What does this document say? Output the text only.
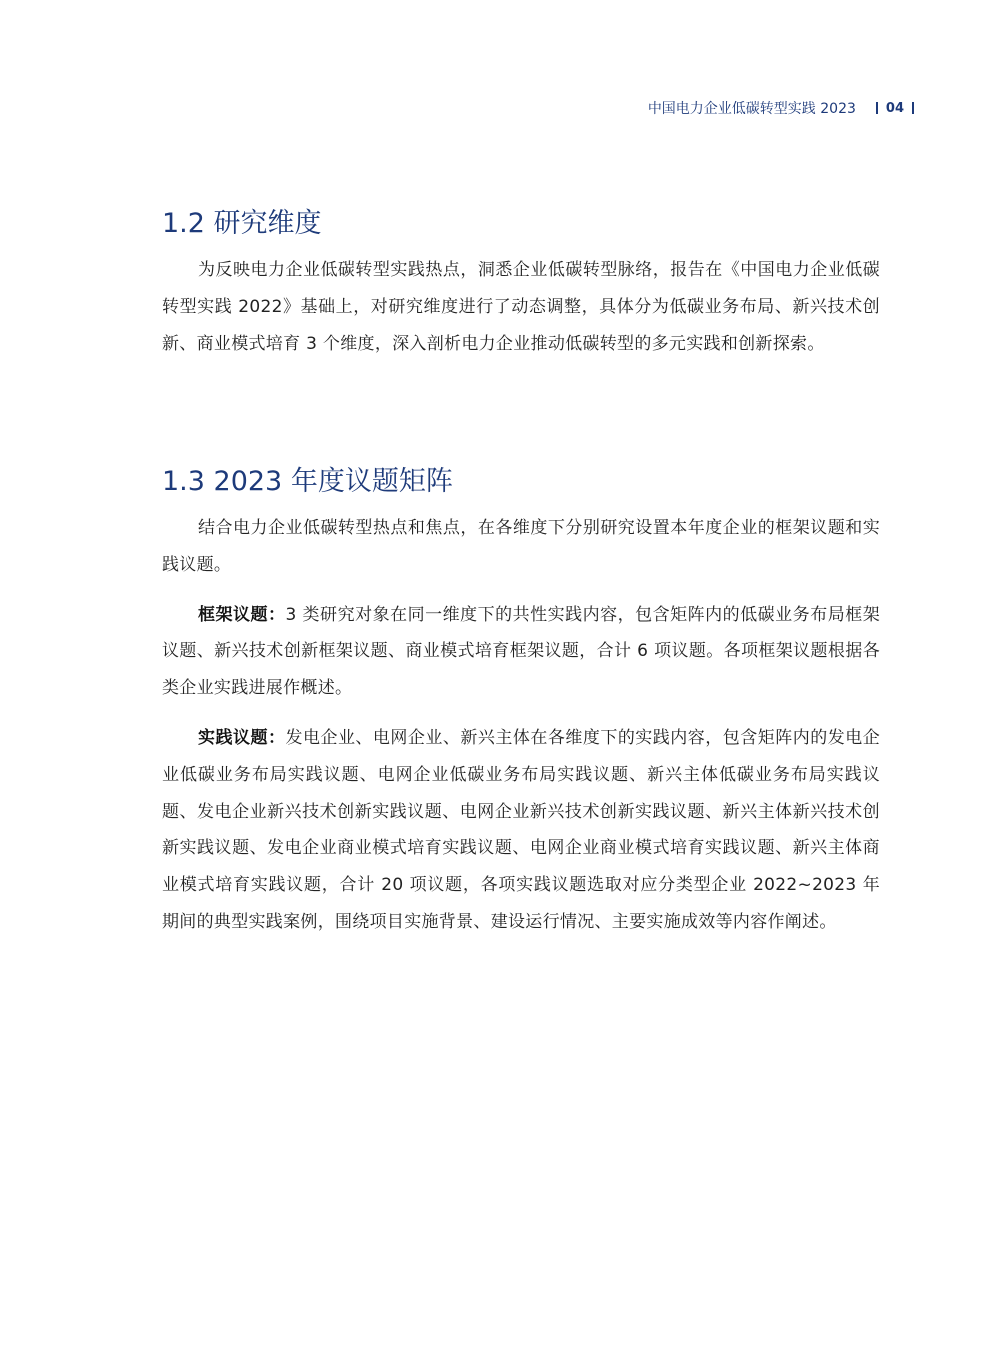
中国电力企业低碳转型实践 2023 04
1.2 研究维度

为反映电力企业低碳转型实践热点，洞悉企业低碳转型脉络，报告在《中国电力企业低碳转型实践 2022》基础上，对研究维度进行了动态调整，具体分为低碳业务布局、新兴技术创新、商业模式培育 3 个维度，深入剖析电力企业推动低碳转型的多元实践和创新探索。

1.3 2023 年度议题矩阵

结合电力企业低碳转型热点和焦点，在各维度下分别研究设置本年度企业的框架议题和实践议题。

框架议题：3 类研究对象在同一维度下的共性实践内容，包含矩阵内的低碳业务布局框架议题、新兴技术创新框架议题、商业模式培育框架议题，合计 6 项议题。各项框架议题根据各类企业实践进展作概述。

实践议题：发电企业、电网企业、新兴主体在各维度下的实践内容，包含矩阵内的发电企业低碳业务布局实践议题、电网企业低碳业务布局实践议题、新兴主体低碳业务布局实践议题、发电企业新兴技术创新实践议题、电网企业新兴技术创新实践议题、新兴主体新兴技术创新实践议题、发电企业商业模式培育实践议题、电网企业商业模式培育实践议题、新兴主体商业模式培育实践议题，合计 20 项议题，各项实践议题选取对应分类型企业 2022~2023 年期间的典型实践案例，围绕项目实施背景、建设运行情况、主要实施成效等内容作阐述。
